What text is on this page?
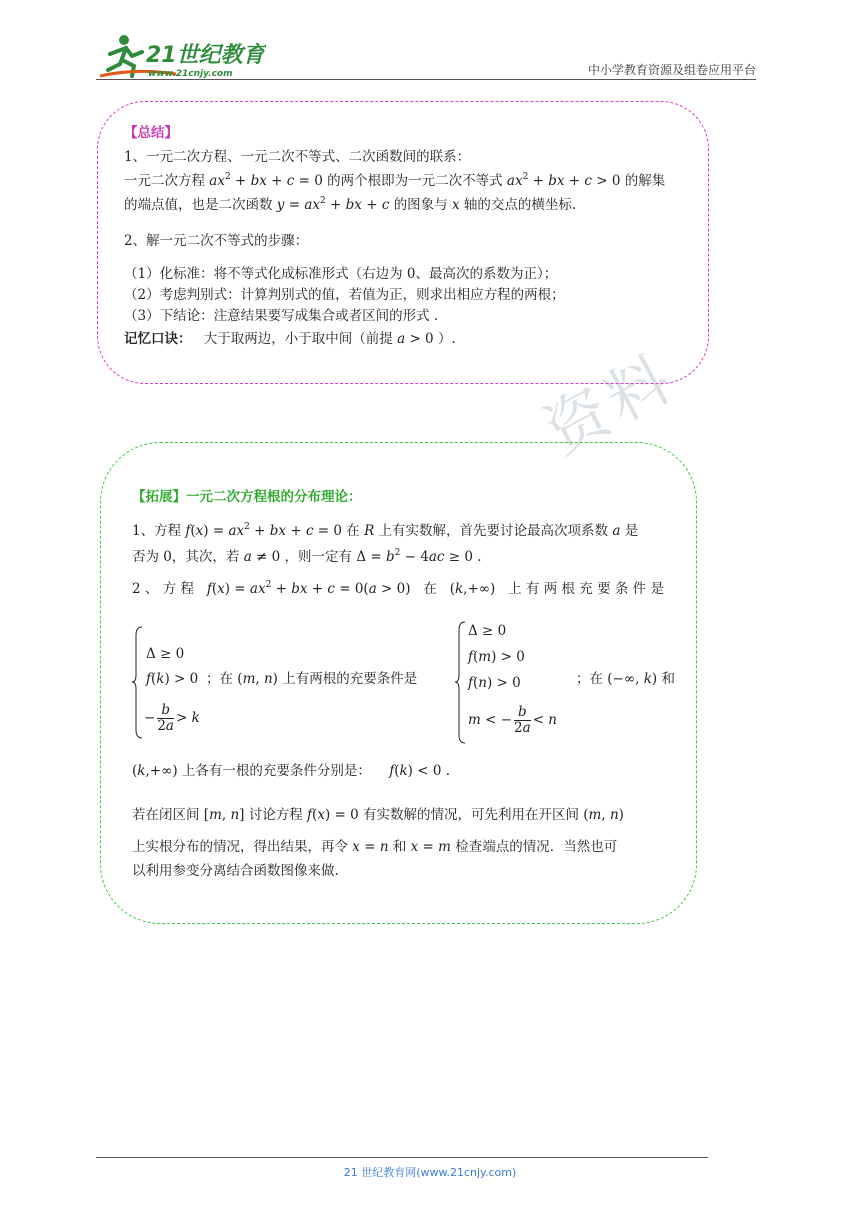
21世纪教育
www.21cnjy.com	中小学教育资源及组卷应用平台
资料
【总结】
1、一元二次方程、一元二次不等式、二次函数间的联系：
一元二次方程 $ax^2$ + bx + c = 0 的两个根即为一元二次不等式 $ax^2$ + bx + c > 0 的解集
的端点值，也是二次函数 $y = ax^2$ + bx + c 的图象与 x 轴的交点的横坐标.
2、解一元二次不等式的步骤：
（1）化标准：将不等式化成标准形式（右边为 0、最高次的系数为正）；
（2）考虑判别式：计算判别式的值，若值为正，则求出相应方程的两根；
（3）下结论：注意结果要写成集合或者区间的形式 .
记忆口诀： 大于取两边，小于取中间（前提 a > 0 ）.
【拓展】一元二次方程根的分布理论：
1、方程 $f(x) = ax^2$ + bx + c = 0 在 R 上有实数解，首先要讨论最高次项系数 a 是
否为 0，其次，若 a ≠ 0 ，则一定有 $\Delta = b^2 - 4ac \ge 0$ .
2 、 方 程 $f(x) = ax^2$ + bx + c = 0(a > 0) 在 (k,+∞) 上 有 两 根 充 要 条 件 是
Δ ≥ 0
f(k) > 0
− $\frac{b}{2a} > k$
；在 (m, n) 上有两根的充要条件是
Δ ≥ 0
f(m) > 0
f(n) > 0
m < − $\frac{b}{2a} < n$
；在 (−∞, k) 和
(k,+∞) 上各有一根的充要条件分别是： f(k) < 0 .
若在闭区间 [m, n] 讨论方程 f(x) = 0 有实数解的情况，可先利用在开区间 (m, n)
上实根分布的情况，得出结果，再令 x = n 和 x = m 检查端点的情况．当然也可
以利用参变分离结合函数图像来做.
21 世纪教育网(www.21cnjy.com)
